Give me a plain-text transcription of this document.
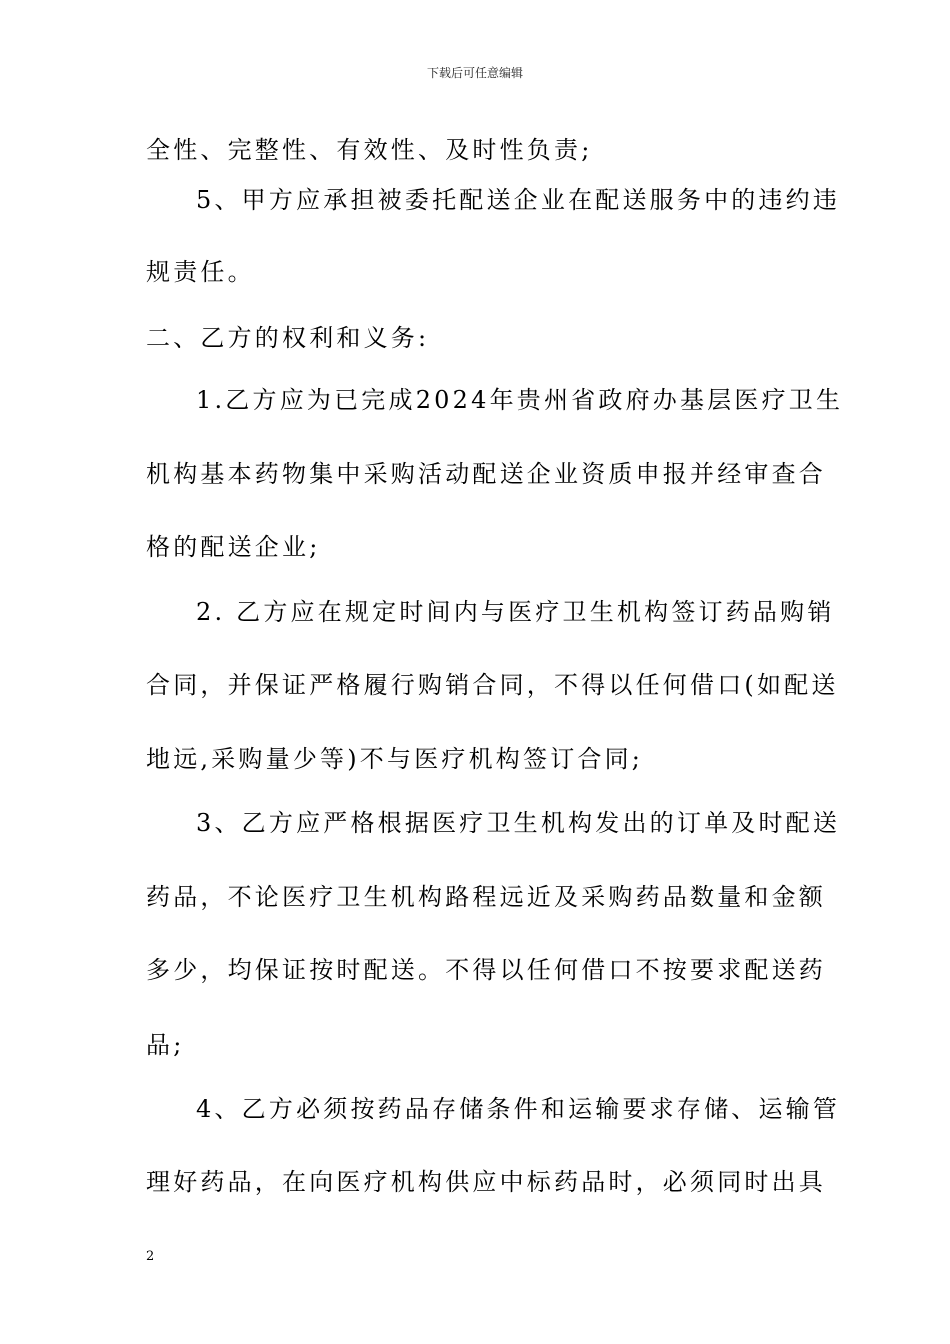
下载后可任意编辑
全性、完整性、有效性、及时性负责;
5、甲方应承担被委托配送企业在配送服务中的违约违
规责任。
二、乙方的权利和义务:
1.乙方应为已完成2024年贵州省政府办基层医疗卫生
机构基本药物集中采购活动配送企业资质申报并经审查合
格的配送企业;
2. 乙方应在规定时间内与医疗卫生机构签订药品购销
合同，并保证严格履行购销合同，不得以任何借口(如配送
地远,采购量少等)不与医疗机构签订合同;
3、乙方应严格根据医疗卫生机构发出的订单及时配送
药品，不论医疗卫生机构路程远近及采购药品数量和金额
多少，均保证按时配送。不得以任何借口不按要求配送药
品;
4、乙方必须按药品存储条件和运输要求存储、运输管
理好药品，在向医疗机构供应中标药品时，必须同时出具
2
